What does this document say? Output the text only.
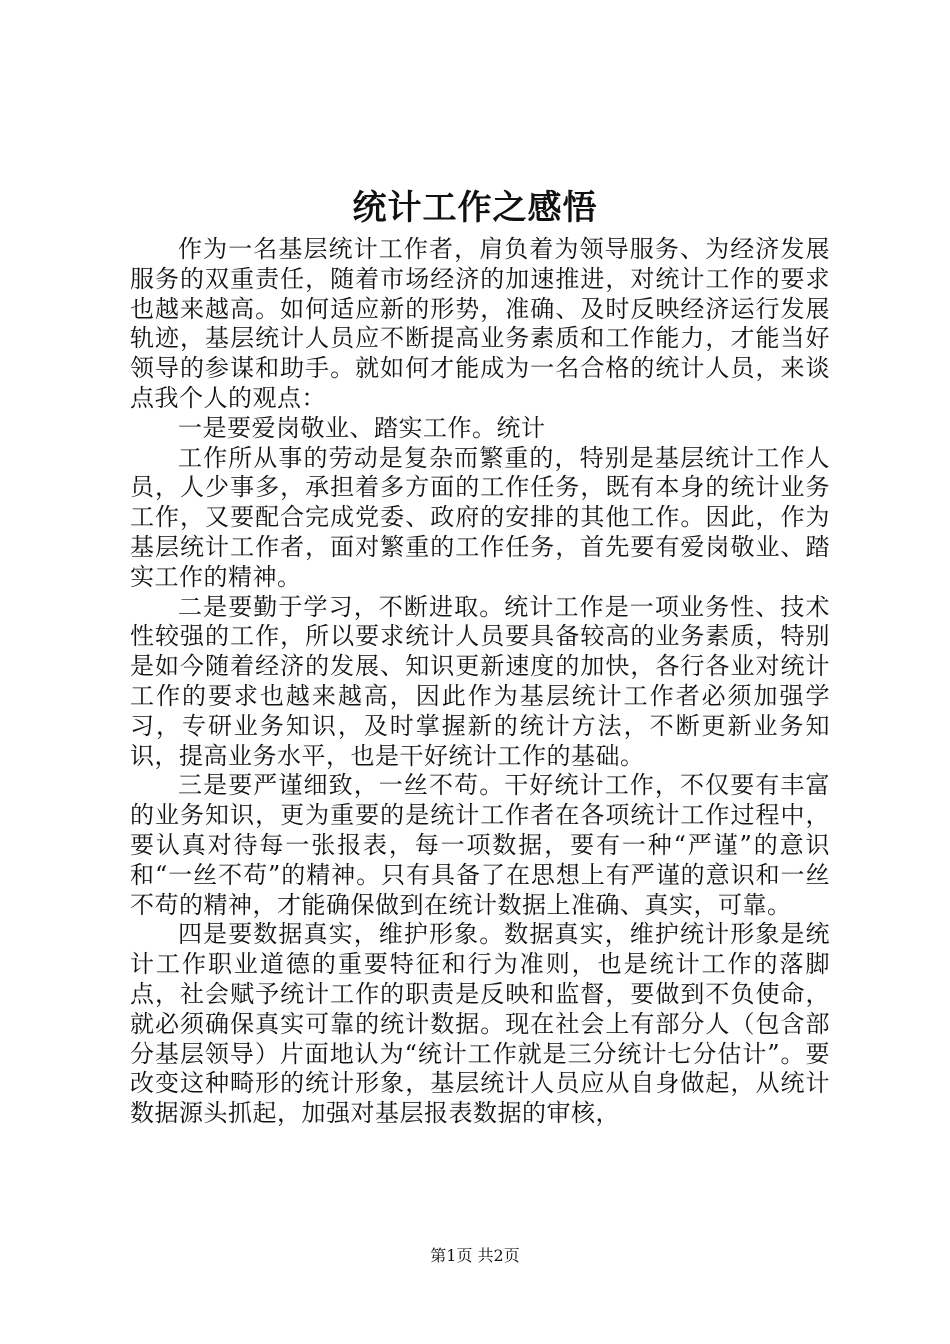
统计工作之感悟

作为一名基层统计工作者，肩负着为领导服务、为经济发展服务的双重责任，随着市场经济的加速推进，对统计工作的要求也越来越高。如何适应新的形势，准确、及时反映经济运行发展轨迹，基层统计人员应不断提高业务素质和工作能力，才能当好领导的参谋和助手。就如何才能成为一名合格的统计人员，来谈点我个人的观点：

一是要爱岗敬业、踏实工作。统计

工作所从事的劳动是复杂而繁重的，特别是基层统计工作人员，人少事多，承担着多方面的工作任务，既有本身的统计业务工作，又要配合完成党委、政府的安排的其他工作。因此，作为基层统计工作者，面对繁重的工作任务，首先要有爱岗敬业、踏实工作的精神。

二是要勤于学习，不断进取。统计工作是一项业务性、技术性较强的工作，所以要求统计人员要具备较高的业务素质，特别是如今随着经济的发展、知识更新速度的加快，各行各业对统计工作的要求也越来越高，因此作为基层统计工作者必须加强学习，专研业务知识，及时掌握新的统计方法，不断更新业务知识，提高业务水平，也是干好统计工作的基础。

三是要严谨细致，一丝不苟。干好统计工作，不仅要有丰富的业务知识，更为重要的是统计工作者在各项统计工作过程中，要认真对待每一张报表，每一项数据，要有一种“严谨”的意识和“一丝不苟”的精神。只有具备了在思想上有严谨的意识和一丝不苟的精神，才能确保做到在统计数据上准确、真实，可靠。

四是要数据真实，维护形象。数据真实，维护统计形象是统计工作职业道德的重要特征和行为准则，也是统计工作的落脚点，社会赋予统计工作的职责是反映和监督，要做到不负使命，就必须确保真实可靠的统计数据。现在社会上有部分人（包含部分基层领导）片面地认为“统计工作就是三分统计七分估计”。要改变这种畸形的统计形象，基层统计人员应从自身做起，从统计数据源头抓起，加强对基层报表数据的审核，

第1页 共2页
